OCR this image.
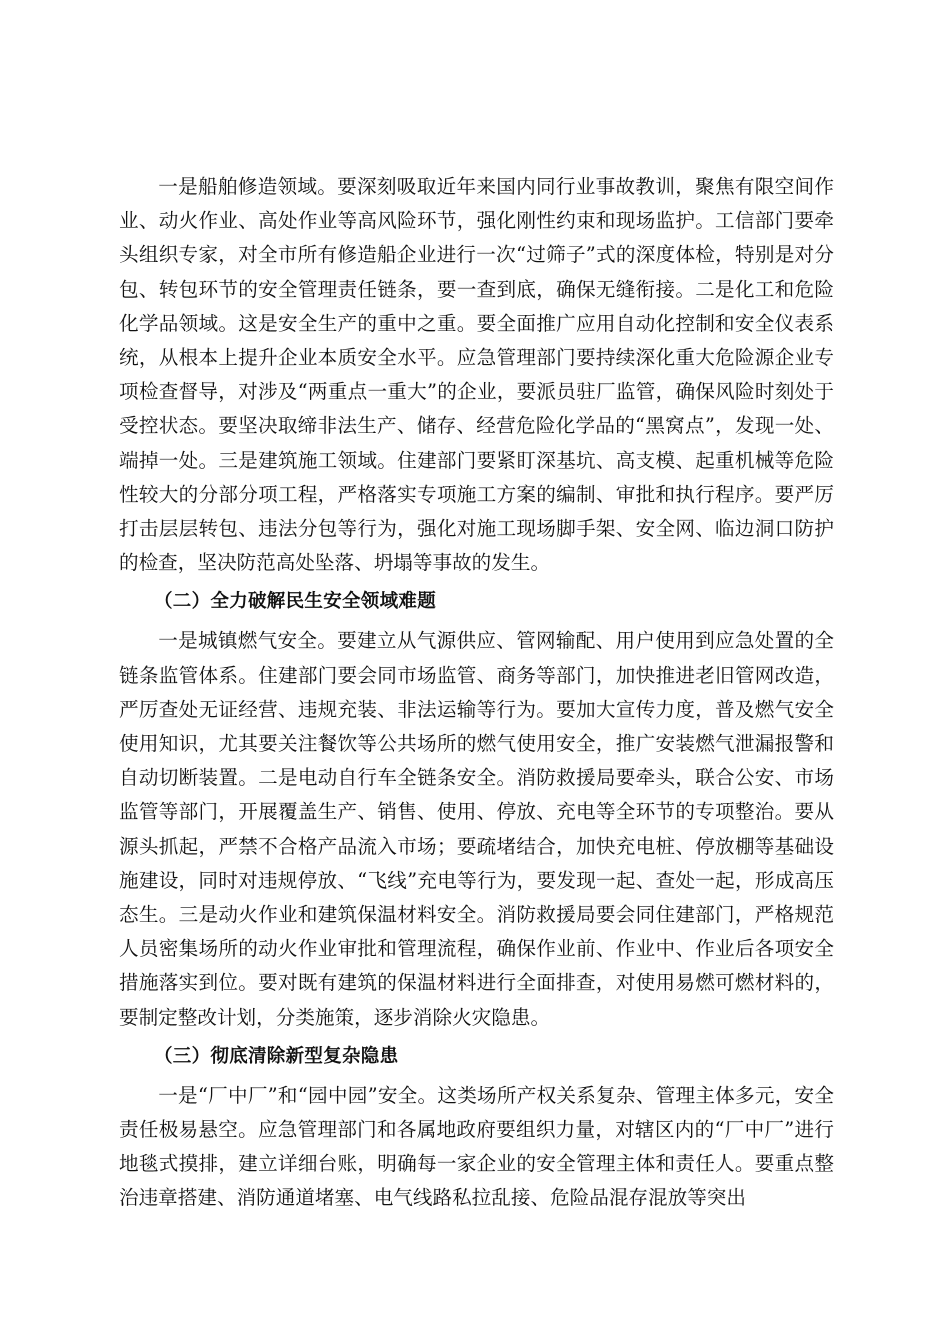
一是船舶修造领域。要深刻吸取近年来国内同行业事故教训，聚焦有限空间作业、动火作业、高处作业等高风险环节，强化刚性约束和现场监护。工信部门要牵头组织专家，对全市所有修造船企业进行一次“过筛子”式的深度体检，特别是对分包、转包环节的安全管理责任链条，要一查到底，确保无缝衔接。二是化工和危险化学品领域。这是安全生产的重中之重。要全面推广应用自动化控制和安全仪表系统，从根本上提升企业本质安全水平。应急管理部门要持续深化重大危险源企业专项检查督导，对涉及“两重点一重大”的企业，要派员驻厂监管，确保风险时刻处于受控状态。要坚决取缔非法生产、储存、经营危险化学品的“黑窝点”，发现一处、端掉一处。三是建筑施工领域。住建部门要紧盯深基坑、高支模、起重机械等危险性较大的分部分项工程，严格落实专项施工方案的编制、审批和执行程序。要严厉打击层层转包、违法分包等行为，强化对施工现场脚手架、安全网、临边洞口防护的检查，坚决防范高处坠落、坍塌等事故的发生。

（二）全力破解民生安全领域难题

一是城镇燃气安全。要建立从气源供应、管网输配、用户使用到应急处置的全链条监管体系。住建部门要会同市场监管、商务等部门，加快推进老旧管网改造，严厉查处无证经营、违规充装、非法运输等行为。要加大宣传力度，普及燃气安全使用知识，尤其要关注餐饮等公共场所的燃气使用安全，推广安装燃气泄漏报警和自动切断装置。二是电动自行车全链条安全。消防救援局要牵头，联合公安、市场监管等部门，开展覆盖生产、销售、使用、停放、充电等全环节的专项整治。要从源头抓起，严禁不合格产品流入市场；要疏堵结合，加快充电桩、停放棚等基础设施建设，同时对违规停放、“飞线”充电等行为，要发现一起、查处一起，形成高压态生。三是动火作业和建筑保温材料安全。消防救援局要会同住建部门，严格规范人员密集场所的动火作业审批和管理流程，确保作业前、作业中、作业后各项安全措施落实到位。要对既有建筑的保温材料进行全面排查，对使用易燃可燃材料的，要制定整改计划，分类施策，逐步消除火灾隐患。

（三）彻底清除新型复杂隐患

一是“厂中厂”和“园中园”安全。这类场所产权关系复杂、管理主体多元，安全责任极易悬空。应急管理部门和各属地政府要组织力量，对辖区内的“厂中厂”进行地毯式摸排，建立详细台账，明确每一家企业的安全管理主体和责任人。要重点整治违章搭建、消防通道堵塞、电气线路私拉乱接、危险品混存混放等突出
